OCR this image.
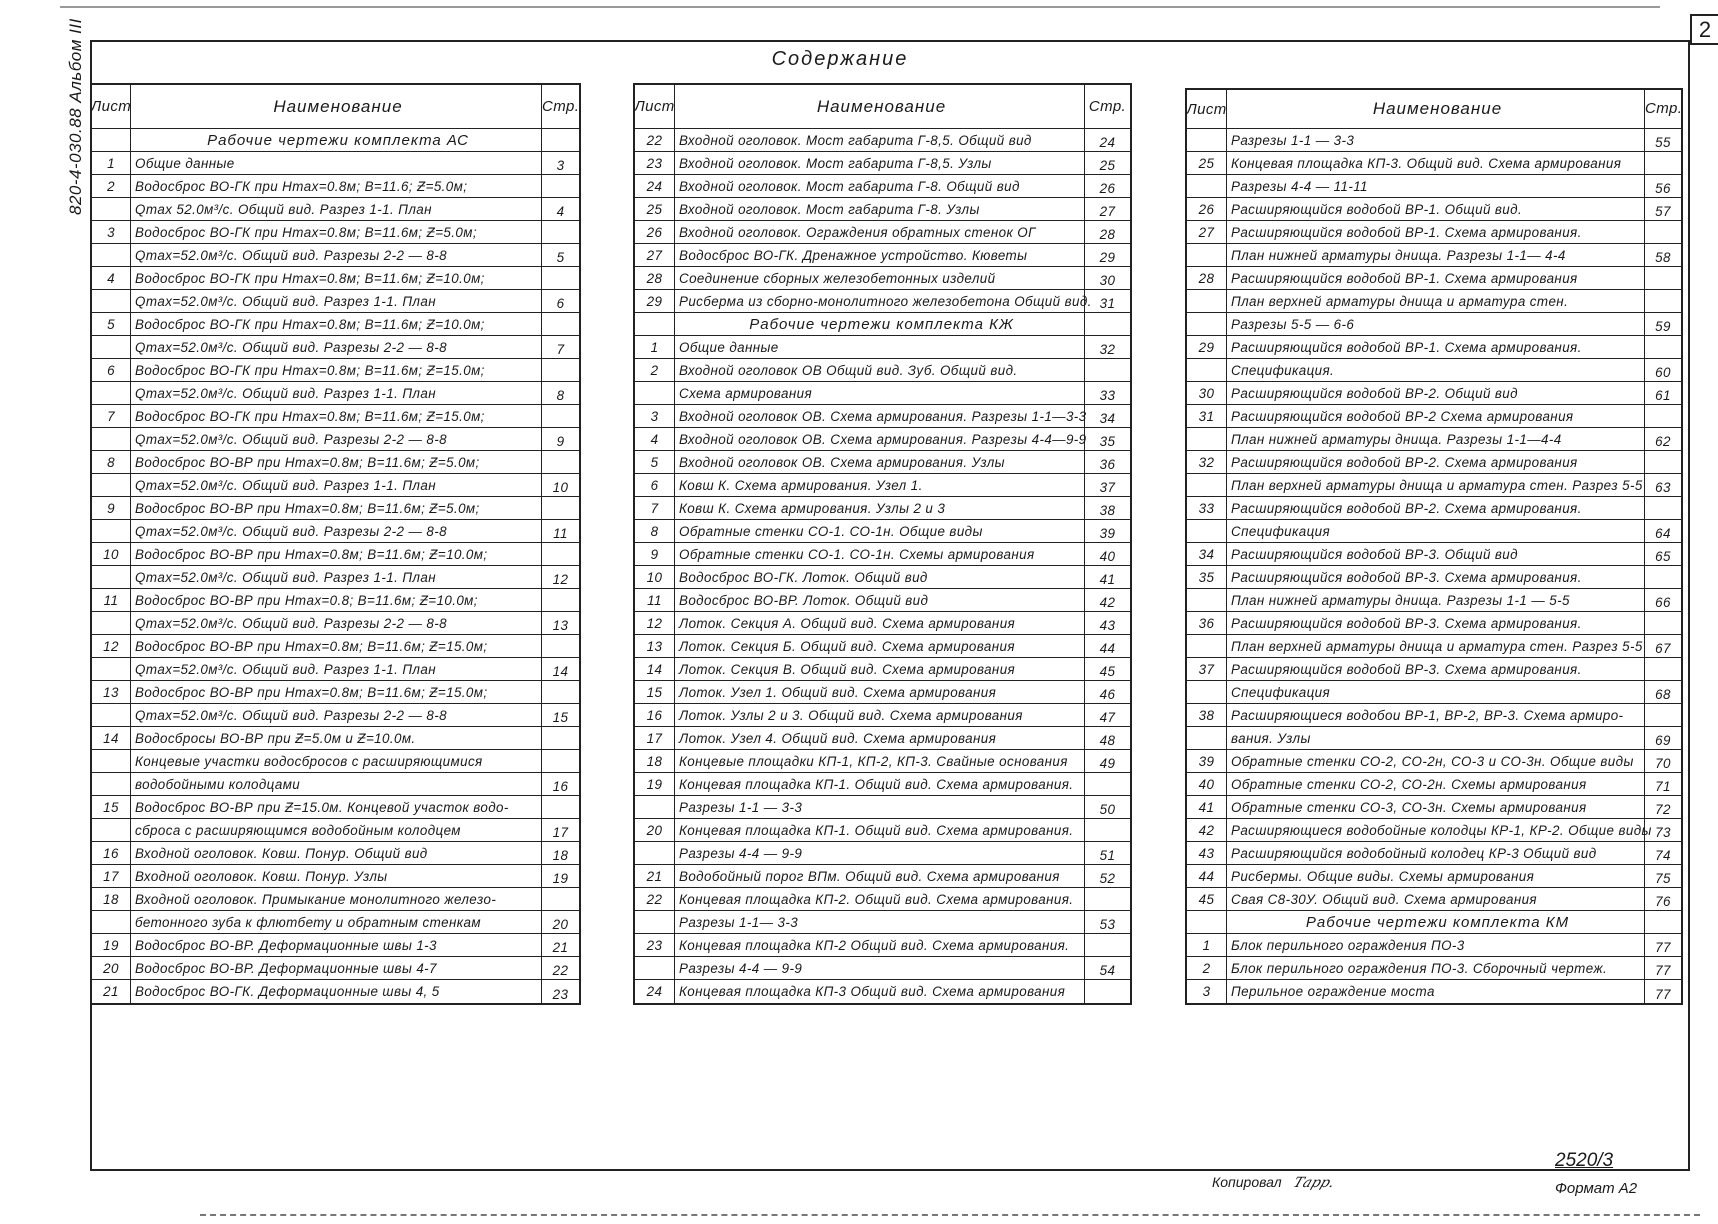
2
820-4-030.88 Альбом III	Содержание
Лист	Наименование	Стр.
Рабочие чертежи комплекта АС
1	Общие данные	3
2	Водосброс ВО-ГК при Hmax=0.8м; B=11.6; Ƶ=5.0м;
Qmax 52.0м³/с. Общий вид. Разрез 1-1. План	4
3	Водосброс ВО-ГК при Hmax=0.8м; B=11.6м; Ƶ=5.0м;
Qmax=52.0м³/с. Общий вид. Разрезы 2-2 — 8-8	5
4	Водосброс ВО-ГК при Hmax=0.8м; B=11.6м; Ƶ=10.0м;
Qmax=52.0м³/с. Общий вид. Разрез 1-1. План	6
5	Водосброс ВО-ГК при Hmax=0.8м; B=11.6м; Ƶ=10.0м;
Qmax=52.0м³/с. Общий вид. Разрезы 2-2 — 8-8	7
6	Водосброс ВО-ГК при Hmax=0.8м; B=11.6м; Ƶ=15.0м;
Qmax=52.0м³/с. Общий вид. Разрез 1-1. План	8
7	Водосброс ВО-ГК при Hmax=0.8м; B=11.6м; Ƶ=15.0м;
Qmax=52.0м³/с. Общий вид. Разрезы 2-2 — 8-8	9
8	Водосброс ВО-ВР при Hmax=0.8м; B=11.6м; Ƶ=5.0м;
Qmax=52.0м³/с. Общий вид. Разрез 1-1. План	10
9	Водосброс ВО-ВР при Hmax=0.8м; B=11.6м; Ƶ=5.0м;
Qmax=52.0м³/с. Общий вид. Разрезы 2-2 — 8-8	11
10	Водосброс ВО-ВР при Hmax=0.8м; B=11.6м; Ƶ=10.0м;
Qmax=52.0м³/с. Общий вид. Разрез 1-1. План	12
11	Водосброс ВО-ВР при Hmax=0.8; B=11.6м; Ƶ=10.0м;
Qmax=52.0м³/с. Общий вид. Разрезы 2-2 — 8-8	13
12	Водосброс ВО-ВР при Hmax=0.8м; B=11.6м; Ƶ=15.0м;
Qmax=52.0м³/с. Общий вид. Разрез 1-1. План	14
13	Водосброс ВО-ВР при Hmax=0.8м; B=11.6м; Ƶ=15.0м;
Qmax=52.0м³/с. Общий вид. Разрезы 2-2 — 8-8	15
14	Водосбросы ВО-ВР при Ƶ=5.0м и Ƶ=10.0м.
Концевые участки водосбросов с расширяющимися
водобойными колодцами	16
15	Водосброс ВО-ВР при Ƶ=15.0м. Концевой участок водо-
сброса с расширяющимся водобойным колодцем	17
16	Входной оголовок. Ковш. Понур. Общий вид	18
17	Входной оголовок. Ковш. Понур. Узлы	19
18	Входной оголовок. Примыкание монолитного железо-
бетонного зуба к флютбету и обратным стенкам	20
19	Водосброс ВО-ВР. Деформационные швы 1-3	21
20	Водосброс ВО-ВР. Деформационные швы 4-7	22
21	Водосброс ВО-ГК. Деформационные швы 4, 5	23
Лист	Наименование	Стр.
22	Входной оголовок. Мост габарита Г-8,5. Общий вид	24
23	Входной оголовок. Мост габарита Г-8,5. Узлы	25
24	Входной оголовок. Мост габарита Г-8. Общий вид	26
25	Входной оголовок. Мост габарита Г-8. Узлы	27
26	Входной оголовок. Ограждения обратных стенок ОГ	28
27	Водосброс ВО-ГК. Дренажное устройство. Кюветы	29
28	Соединение сборных железобетонных изделий	30
29	Рисберма из сборно-монолитного железобетона Общий вид. 31
Рабочие чертежи комплекта КЖ
1	Общие данные	32
2	Входной оголовок ОВ Общий вид. Зуб. Общий вид.
Схема армирования	33
3	Входной оголовок ОВ. Схема армирования. Разрезы 1-1—3-3 34
4	Входной оголовок ОВ. Схема армирования. Разрезы 4-4—9-9 35
5	Входной оголовок ОВ. Схема армирования. Узлы	36
6	Ковш К. Схема армирования. Узел 1.	37
7	Ковш К. Схема армирования. Узлы 2 и 3	38
8	Обратные стенки СО-1. СО-1н. Общие виды	39
9	Обратные стенки СО-1. СО-1н. Схемы армирования	40
10	Водосброс ВО-ГК. Лоток. Общий вид	41
11	Водосброс ВО-ВР. Лоток. Общий вид	42
12	Лоток. Секция А. Общий вид. Схема армирования	43
13	Лоток. Секция Б. Общий вид. Схема армирования	44
14	Лоток. Секция В. Общий вид. Схема армирования	45
15	Лоток. Узел 1. Общий вид. Схема армирования	46
16	Лоток. Узлы 2 и 3. Общий вид. Схема армирования	47
17	Лоток. Узел 4. Общий вид. Схема армирования	48
18	Концевые площадки КП-1, КП-2, КП-3. Свайные основания	49
19	Концевая площадка КП-1. Общий вид. Схема армирования.
Разрезы 1-1 — 3-3	50
20	Концевая площадка КП-1. Общий вид. Схема армирования.
Разрезы 4-4 — 9-9	51
21	Водобойный порог ВПм. Общий вид. Схема армирования	52
22	Концевая площадка КП-2. Общий вид. Схема армирования.
Разрезы 1-1— 3-3	53
23	Концевая площадка КП-2 Общий вид. Схема армирования.
Разрезы 4-4 — 9-9	54
24	Концевая площадка КП-3 Общий вид. Схема армирования
Лист	Наименование	Стр.
Разрезы 1-1 — 3-3	55
25	Концевая площадка КП-3. Общий вид. Схема армирования
Разрезы 4-4 — 11-11	56
26	Расширяющийся водобой ВР-1. Общий вид.	57
27	Расширяющийся водобой ВР-1. Схема армирования.
План нижней арматуры днища. Разрезы 1-1— 4-4	58
28	Расширяющийся водобой ВР-1. Схема армирования
План верхней арматуры днища и арматура стен.
Разрезы 5-5 — 6-6	59
29	Расширяющийся водобой ВР-1. Схема армирования.
Спецификация.	60
30	Расширяющийся водобой ВР-2. Общий вид	61
31	Расширяющийся водобой ВР-2 Схема армирования
План нижней арматуры днища. Разрезы 1-1—4-4	62
32	Расширяющийся водобой ВР-2. Схема армирования
План верхней арматуры днища и арматура стен. Разрез 5-5 63
33	Расширяющийся водобой ВР-2. Схема армирования.
Спецификация	64
34	Расширяющийся водобой ВР-3. Общий вид	65
35	Расширяющийся водобой ВР-3. Схема армирования.
План нижней арматуры днища. Разрезы 1-1 — 5-5	66
36	Расширяющийся водобой ВР-3. Схема армирования.
План верхней арматуры днища и арматура стен. Разрез 5-5 67
37	Расширяющийся водобой ВР-3. Схема армирования.
Спецификация	68
38	Расширяющиеся водобои ВР-1, ВР-2, ВР-3. Схема армиро-
вания. Узлы	69
39	Обратные стенки СО-2, СО-2н, СО-3 и СО-3н. Общие виды	70
40	Обратные стенки СО-2, СО-2н. Схемы армирования	71
41	Обратные стенки СО-3, СО-3н. Схемы армирования	72
42	Расширяющиеся водобойные колодцы КР-1, КР-2. Общие виды 73
43	Расширяющийся водобойный колодец КР-3 Общий вид	74
44	Рисбермы. Общие виды. Схемы армирования	75
45	Свая С8-30У. Общий вид. Схема армирования	76
Рабочие чертежи комплекта КМ
1	Блок перильного ограждения ПО-3	77
2	Блок перильного ограждения ПО-3. Сборочный чертеж.	77
3	Перильное ограждение моста	77
Копировал Тарр.
2520/3
Формат А2
